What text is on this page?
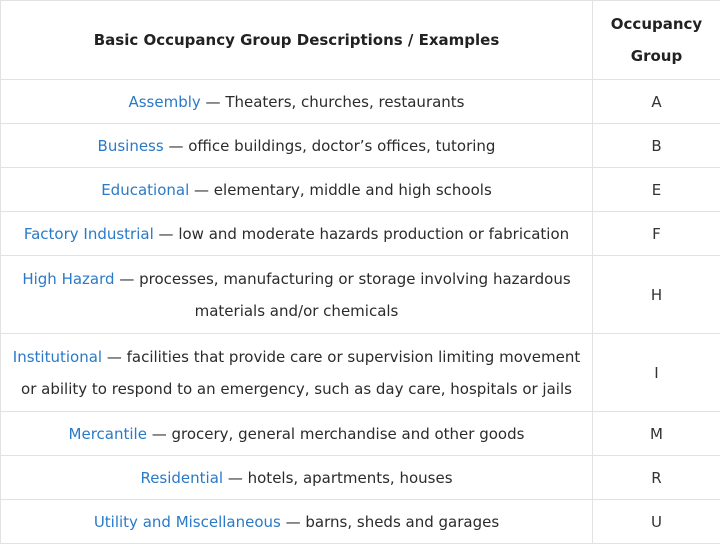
Basic Occupancy Group Descriptions / Examples	Occupancy
Group
Assembly — Theaters, churches, restaurants	A
Business — office buildings, doctor’s offices, tutoring	B
Educational — elementary, middle and high schools	E
Factory Industrial — low and moderate hazards production or fabrication	F
High Hazard — processes, manufacturing or storage involving hazardous materials and/or chemicals	H
Institutional — facilities that provide care or supervision limiting movement or ability to respond to an emergency, such as day care, hospitals or jails	I
Mercantile — grocery, general merchandise and other goods	M
Residential — hotels, apartments, houses	R
Utility and Miscellaneous — barns, sheds and garages	U
